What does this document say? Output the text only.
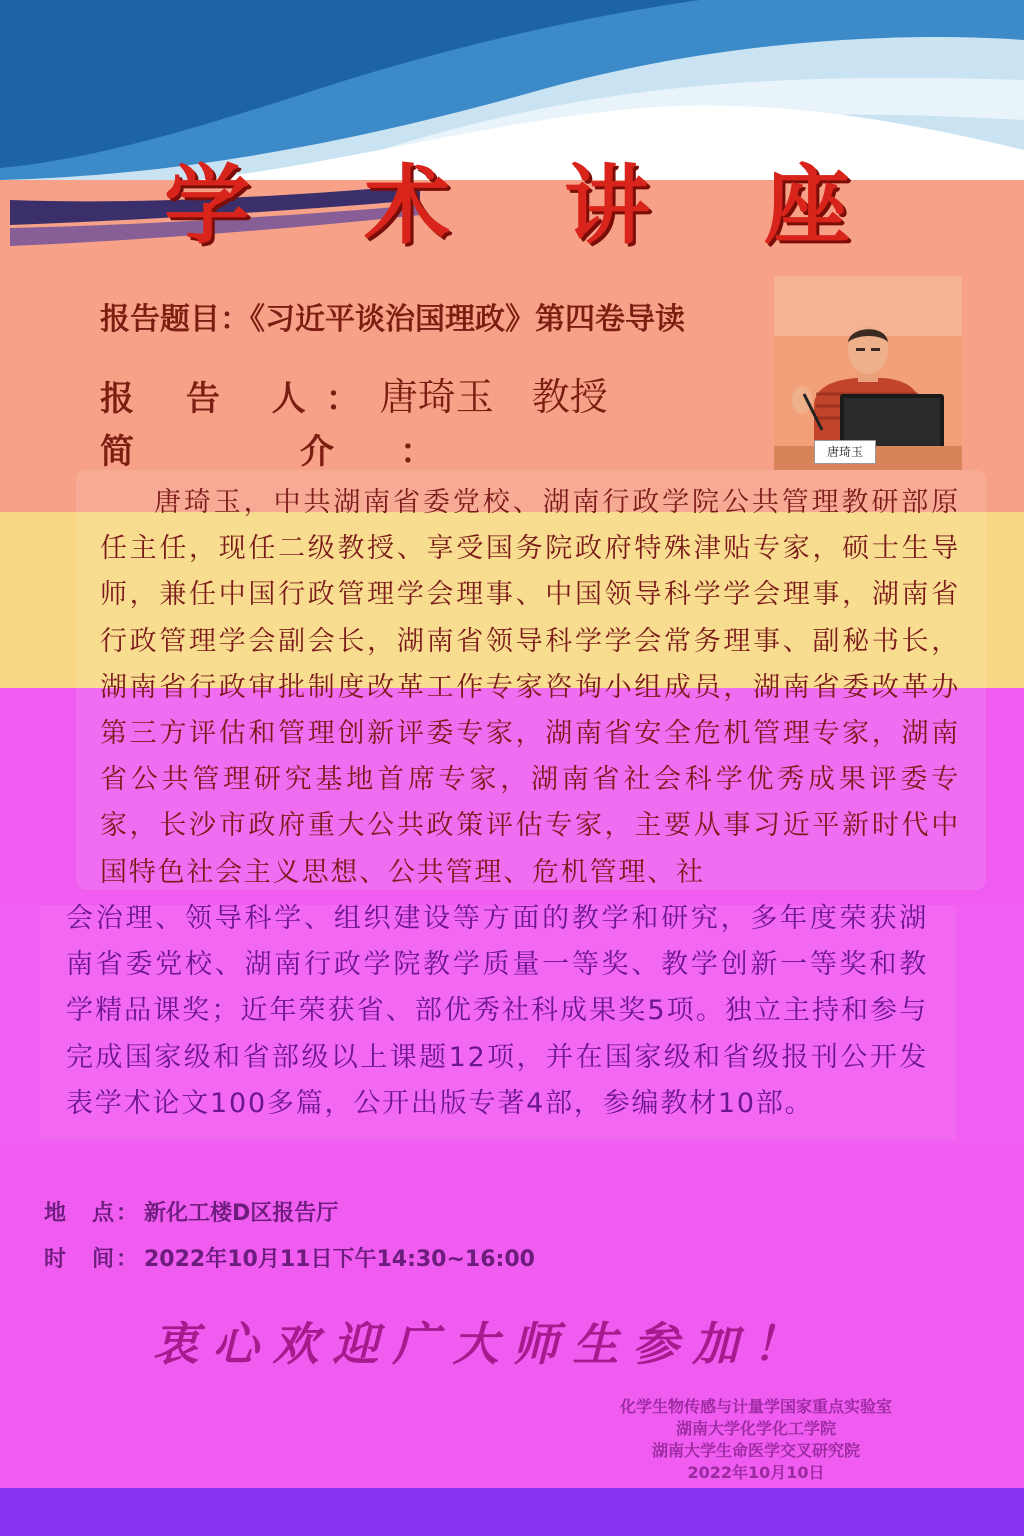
学 术 讲 座
报告题目：《习近平谈治国理政》第四卷导读
报 告 人：唐琦玉　教授
简　介：	唐琦玉
唐琦玉，中共湖南省委党校、湖南行政学院公共管理教研部原任主任，现任二级教授、享受国务院政府特殊津贴专家，硕士生导师，兼任中国行政管理学会理事、中国领导科学学会理事，湖南省行政管理学会副会长，湖南省领导科学学会常务理事、副秘书长，湖南省行政审批制度改革工作专家咨询小组成员，湖南省委改革办第三方评估和管理创新评委专家，湖南省安全危机管理专家，湖南省公共管理研究基地首席专家，湖南省社会科学优秀成果评委专家，长沙市政府重大公共政策评估专家，主要从事习近平新时代中国特色社会主义思想、公共管理、危机管理、社
会治理、领导科学、组织建设等方面的教学和研究，多年度荣获湖南省委党校、湖南行政学院教学质量一等奖、教学创新一等奖和教学精品课奖；近年荣获省、部优秀社科成果奖5项。独立主持和参与完成国家级和省部级以上课题12项，并在国家级和省级报刊公开发表学术论文100多篇，公开出版专著4部，参编教材10部。
地　点： 新化工楼D区报告厅
时　间： 2022年10月11日下午14:30~16:00
衷心欢迎广大师生参加！
化学生物传感与计量学国家重点实验室
湖南大学化学化工学院
湖南大学生命医学交叉研究院
2022年10月10日
